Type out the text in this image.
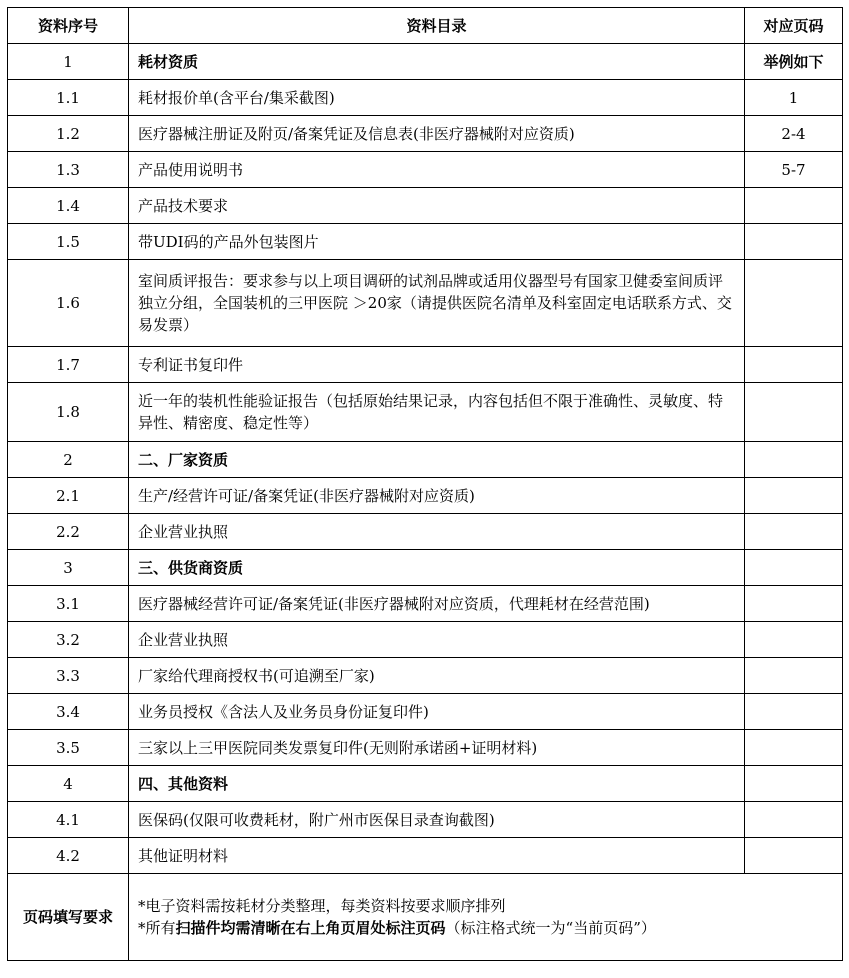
资料序号	资料目录	对应页码
1	耗材资质	举例如下
1.1	耗材报价单(含平台/集采截图)	1
1.2	医疗器械注册证及附页/备案凭证及信息表(非医疗器械附对应资质)	2-4
1.3	产品使用说明书	5-7
1.4	产品技术要求	
1.5	带UDI码的产品外包装图片	
1.6	室间质评报告：要求参与以上项目调研的试剂品牌或适用仪器型号有国家卫健委室间质评独立分组，全国装机的三甲医院 ＞20家（请提供医院名清单及科室固定电话联系方式、交易发票）	
1.7	专利证书复印件	
1.8	近一年的装机性能验证报告（包括原始结果记录，内容包括但不限于准确性、灵敏度、特异性、精密度、稳定性等）	
2	二、厂家资质	
2.1	生产/经营许可证/备案凭证(非医疗器械附对应资质)	
2.2	企业营业执照	
3	三、供货商资质	
3.1	医疗器械经营许可证/备案凭证(非医疗器械附对应资质，代理耗材在经营范围)	
3.2	企业营业执照	
3.3	厂家给代理商授权书(可追溯至厂家)	
3.4	业务员授权《含法人及业务员身份证复印件)	
3.5	三家以上三甲医院同类发票复印件(无则附承诺函+证明材料)	
4	四、其他资料	
4.1	医保码(仅限可收费耗材，附广州市医保目录查询截图)	
4.2	其他证明材料	
页码填写要求	*电子资料需按耗材分类整理，每类资料按要求顺序排列
*所有扫描件均需清晰在右上角页眉处标注页码（标注格式统一为“当前页码”）	
